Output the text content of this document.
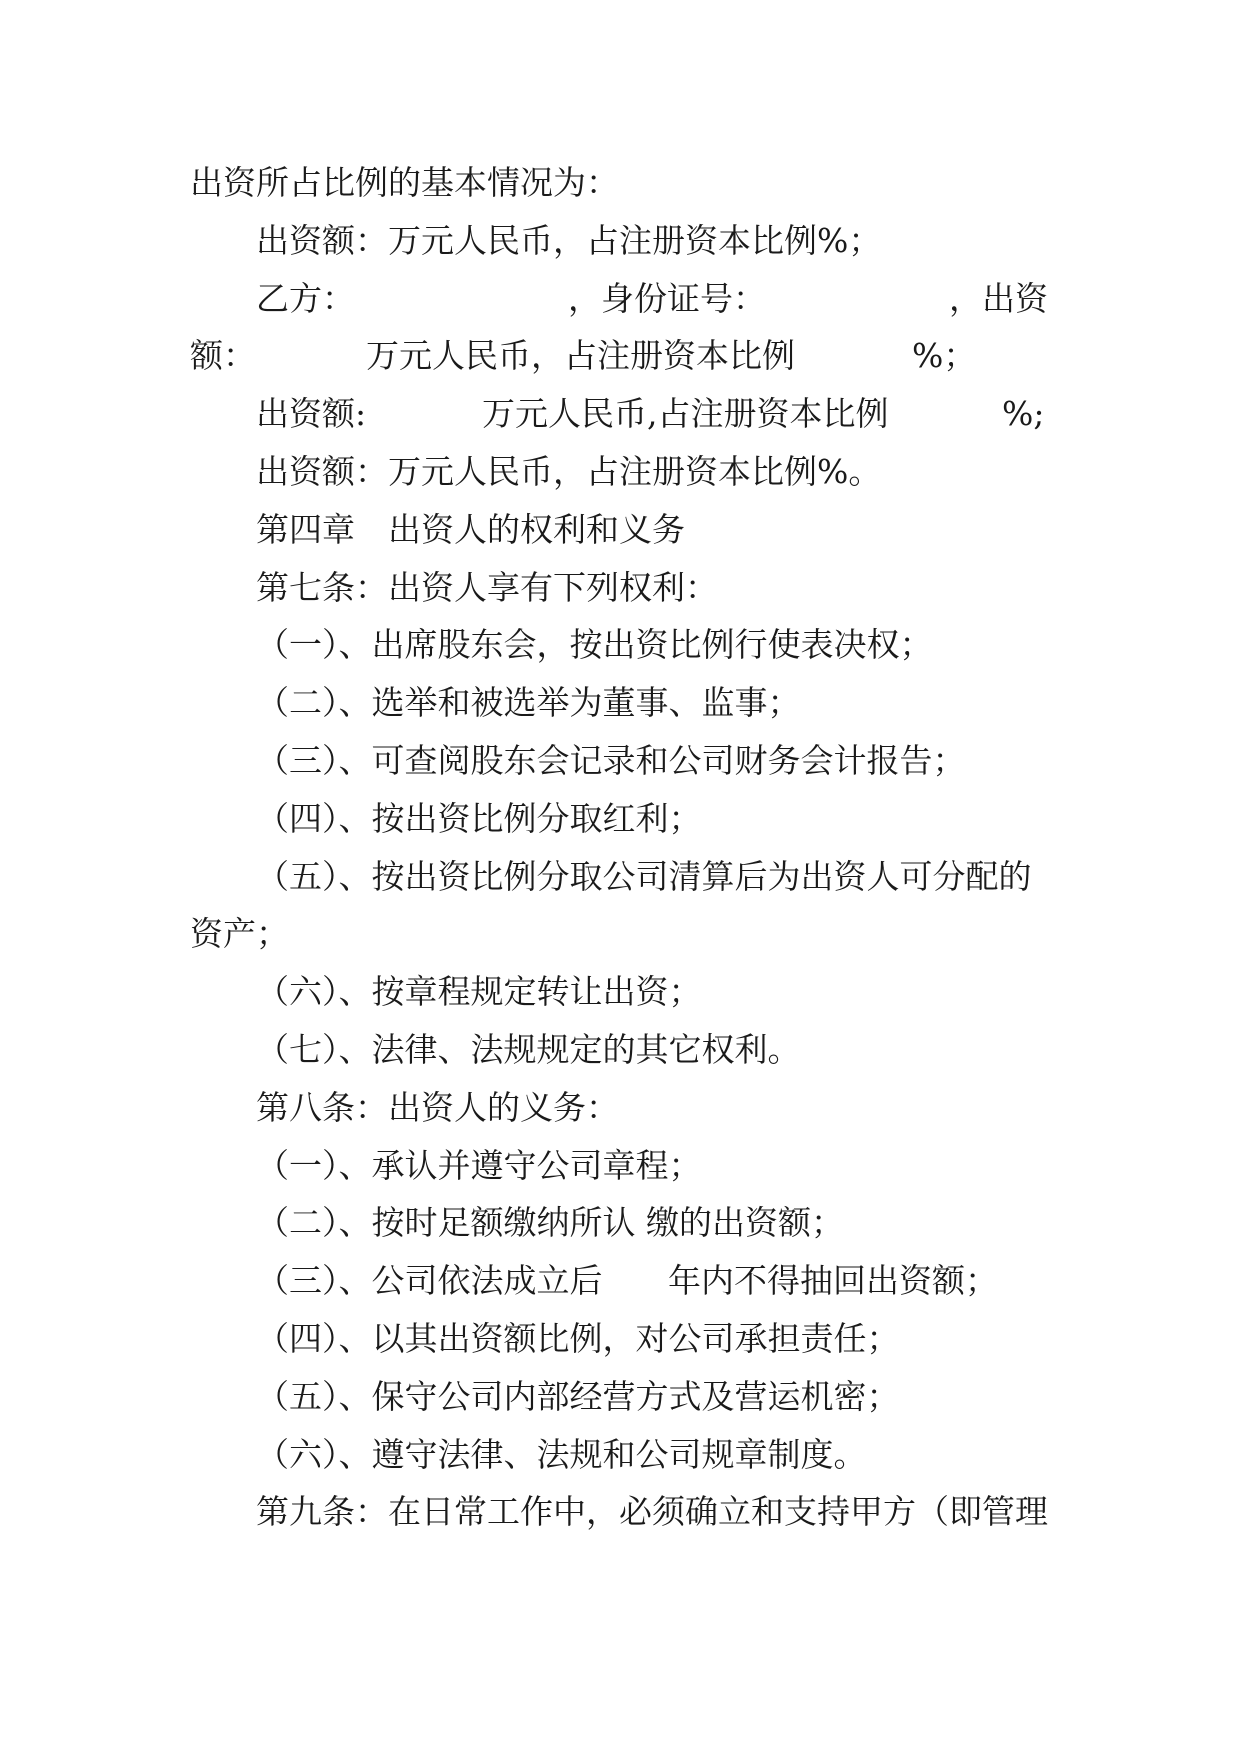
出资所占比例的基本情况为：
出资额：万元人民币，占注册资本比例%；
乙方：	，身份证号：	，出资
额：	万元人民币，占注册资本比例	%；
出资额:	万元人民币,占注册资本比例	%;
出资额：万元人民币，占注册资本比例%。
第四章 出资人的权利和义务
第七条：出资人享有下列权利：
（一）、出席股东会，按出资比例行使表决权；
（二）、选举和被选举为董事、监事；
（三）、可查阅股东会记录和公司财务会计报告；
（四）、按出资比例分取红利；
（五）、按出资比例分取公司清算后为出资人可分配的资产；
（六）、按章程规定转让出资；
（七）、法律、法规规定的其它权利。
第八条：出资人的义务：
（一）、承认并遵守公司章程；
（二）、按时足额缴纳所认 缴的出资额；
（三）、公司依法成立后 年内不得抽回出资额；
（四）、以其出资额比例，对公司承担责任；
（五）、保守公司内部经营方式及营运机密；
（六）、遵守法律、法规和公司规章制度。
第九条：在日常工作中，必须确立和支持甲方（即管理
